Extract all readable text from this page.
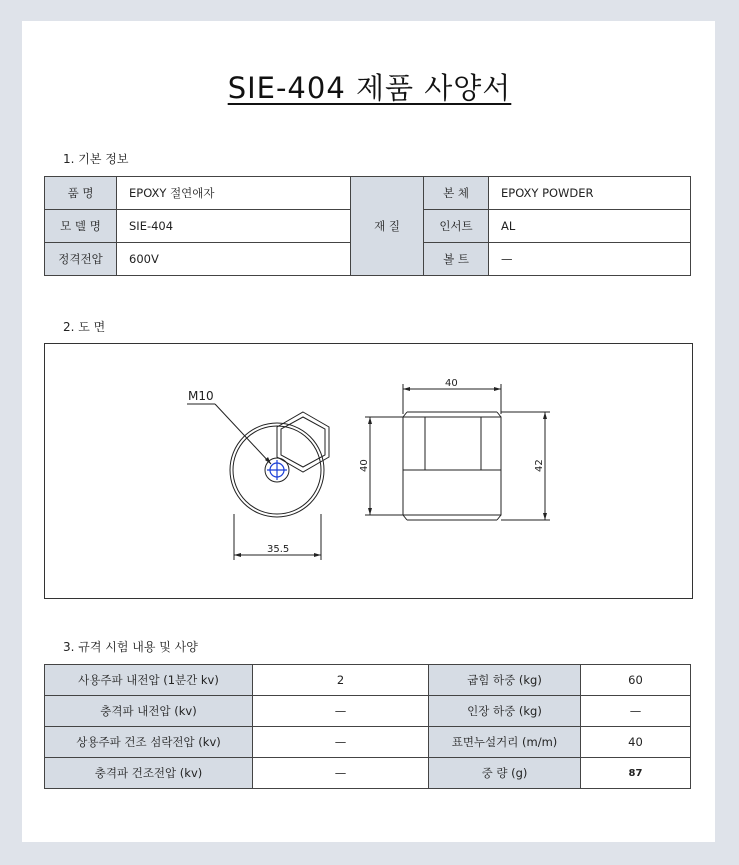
SIE-404 제품 사양서
1. 기본 정보
품 명	EPOXY 절연애자	재 질	본 체	EPOXY POWDER
모 델 명	SIE-404		인서트	AL
정격전압	600V		볼 트	—
2. 도 면
M10
35.5
40
40	42
3. 규격 시험 내용 및 사양
사용주파 내전압 (1분간 kv)	2	굽힘 하중 (kg)	60
충격파 내전압 (kv)	—	인장 하중 (kg)	—
상용주파 건조 섬락전압 (kv)	—	표면누설거리 (m/m)	40
충격파 건조전압 (kv)	—	중 량 (g)	87
